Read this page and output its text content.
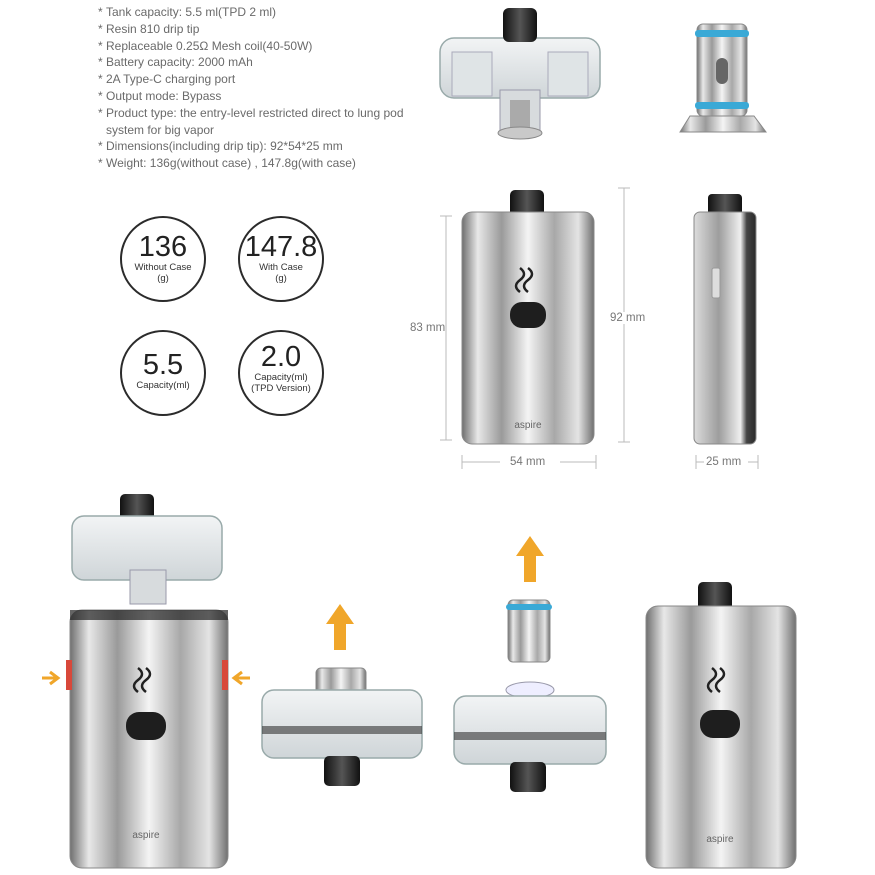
* Tank capacity: 5.5 ml(TPD 2 ml)
* Resin 810 drip tip
* Replaceable 0.25Ω Mesh coil(40-50W)
* Battery capacity: 2000 mAh
* 2A Type-C charging port
* Output mode: Bypass
* Product type: the entry-level restricted direct to lung pod system for big vapor
* Dimensions(including drip tip): 92*54*25 mm
* Weight: 136g(without case) , 147.8g(with case)
136
Without Case
(g)
147.8
With Case
(g)
5.5
Capacity(ml)
2.0
Capacity(ml)
(TPD Version)
aspire
aspire	aspire
83 mm
92 mm
54 mm	25 mm
